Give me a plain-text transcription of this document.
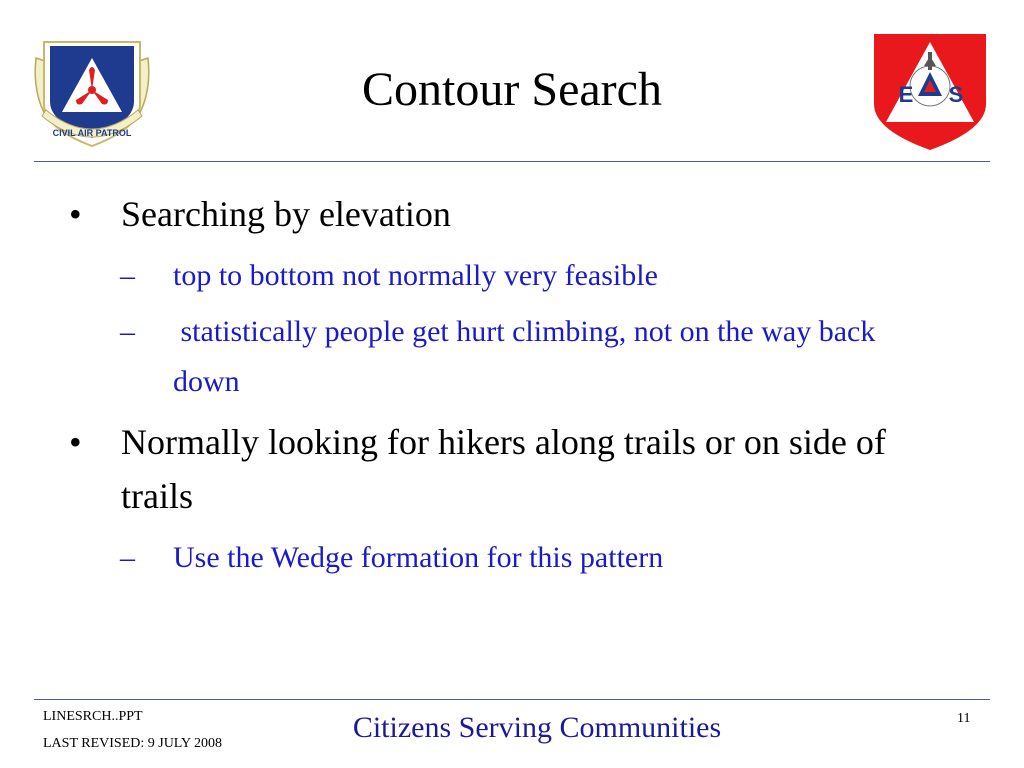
CIVIL AIR PATROL
E S
Contour Search
• Searching by elevation
– top to bottom not normally very feasible
– statistically people get hurt climbing, not on the way back down
• Normally looking for hikers along trails or on side of trails
– Use the Wedge formation for this pattern
LINESRCH..PPT
LAST REVISED: 9 JULY 2008	Citizens Serving Communities	11
